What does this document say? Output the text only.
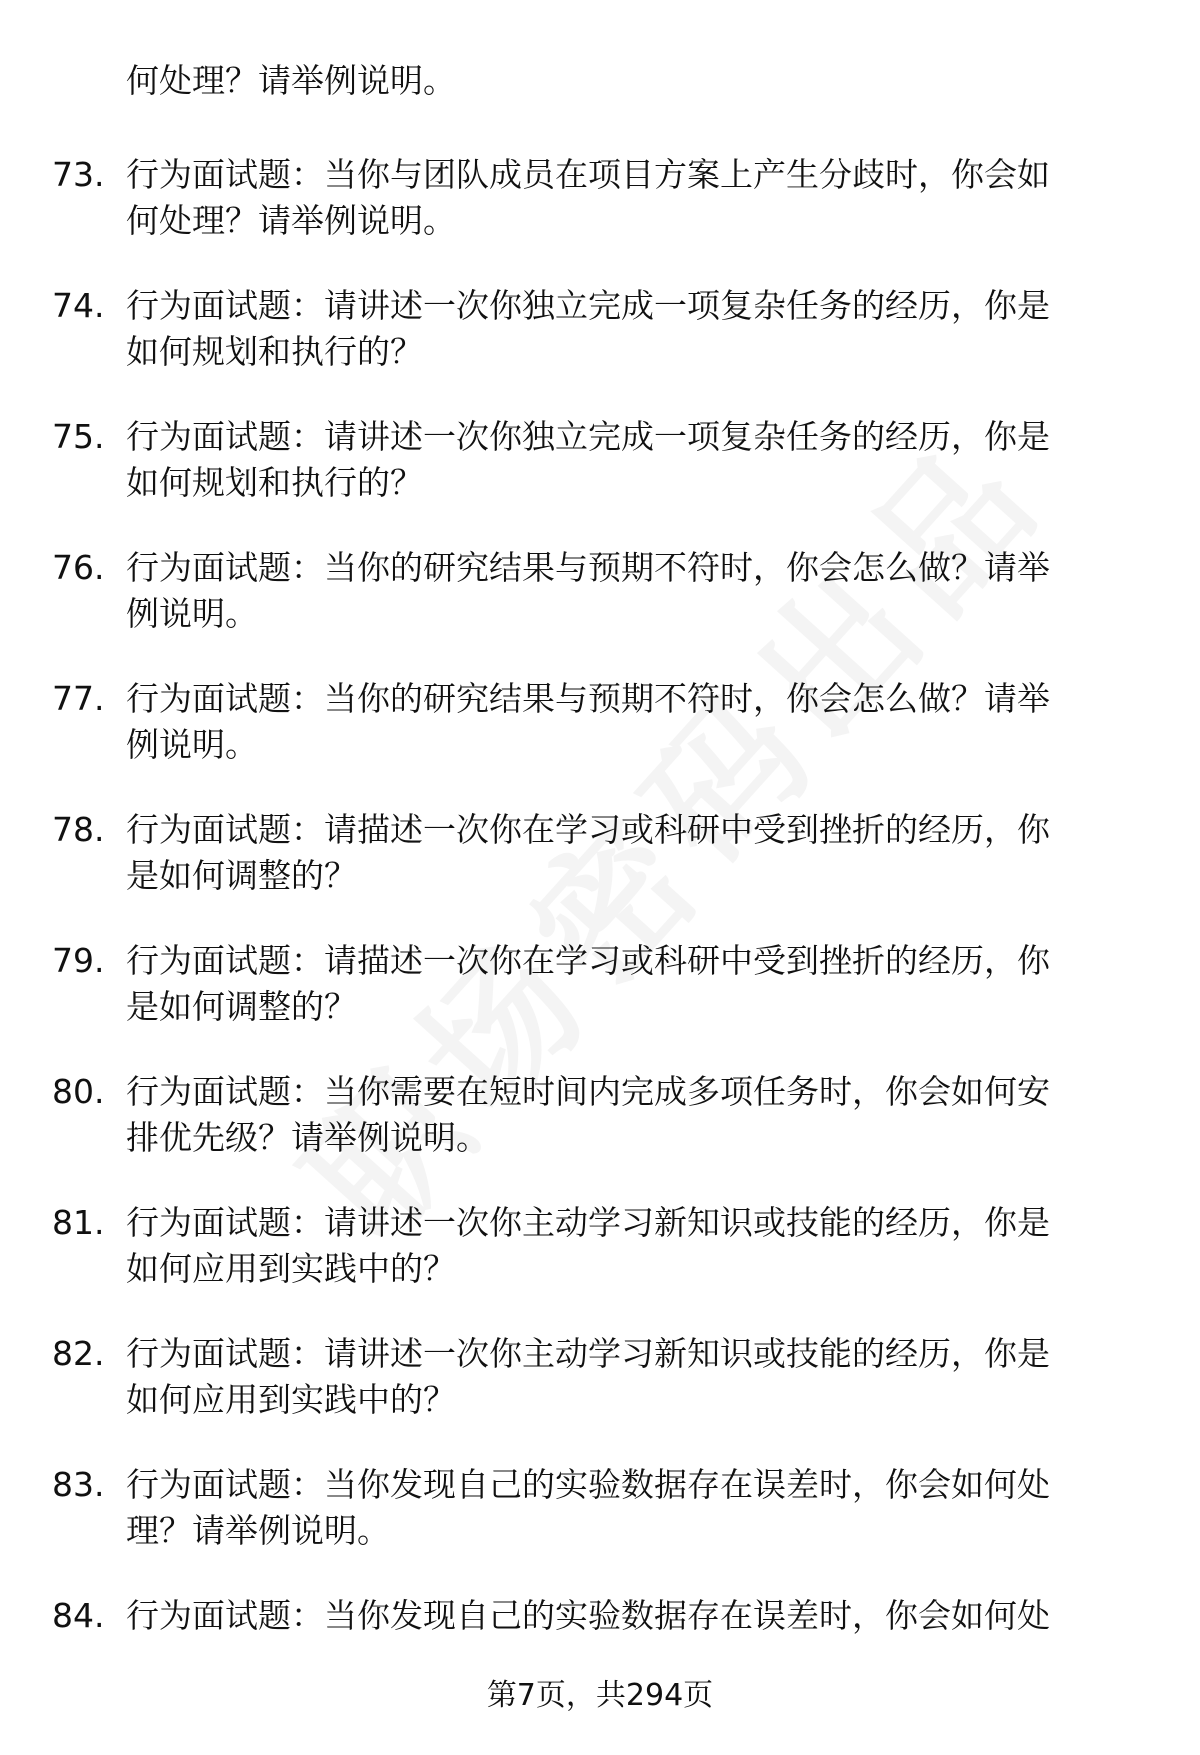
何处理？请举例说明。
73. 行为面试题：当你与团队成员在项目方案上产生分歧时，你会如
何处理？请举例说明。
74. 行为面试题：请讲述一次你独立完成一项复杂任务的经历，你是
如何规划和执行的？
75. 行为面试题：请讲述一次你独立完成一项复杂任务的经历，你是
如何规划和执行的？
76. 行为面试题：当你的研究结果与预期不符时，你会怎么做？请举
例说明。
77. 行为面试题：当你的研究结果与预期不符时，你会怎么做？请举
例说明。
78. 行为面试题：请描述一次你在学习或科研中受到挫折的经历，你
是如何调整的？
79. 行为面试题：请描述一次你在学习或科研中受到挫折的经历，你
是如何调整的？
80. 行为面试题：当你需要在短时间内完成多项任务时，你会如何安
排优先级？请举例说明。
81. 行为面试题：请讲述一次你主动学习新知识或技能的经历，你是
如何应用到实践中的？
82. 行为面试题：请讲述一次你主动学习新知识或技能的经历，你是
如何应用到实践中的？
83. 行为面试题：当你发现自己的实验数据存在误差时，你会如何处
理？请举例说明。
84. 行为面试题：当你发现自己的实验数据存在误差时，你会如何处
第7页，共294页
